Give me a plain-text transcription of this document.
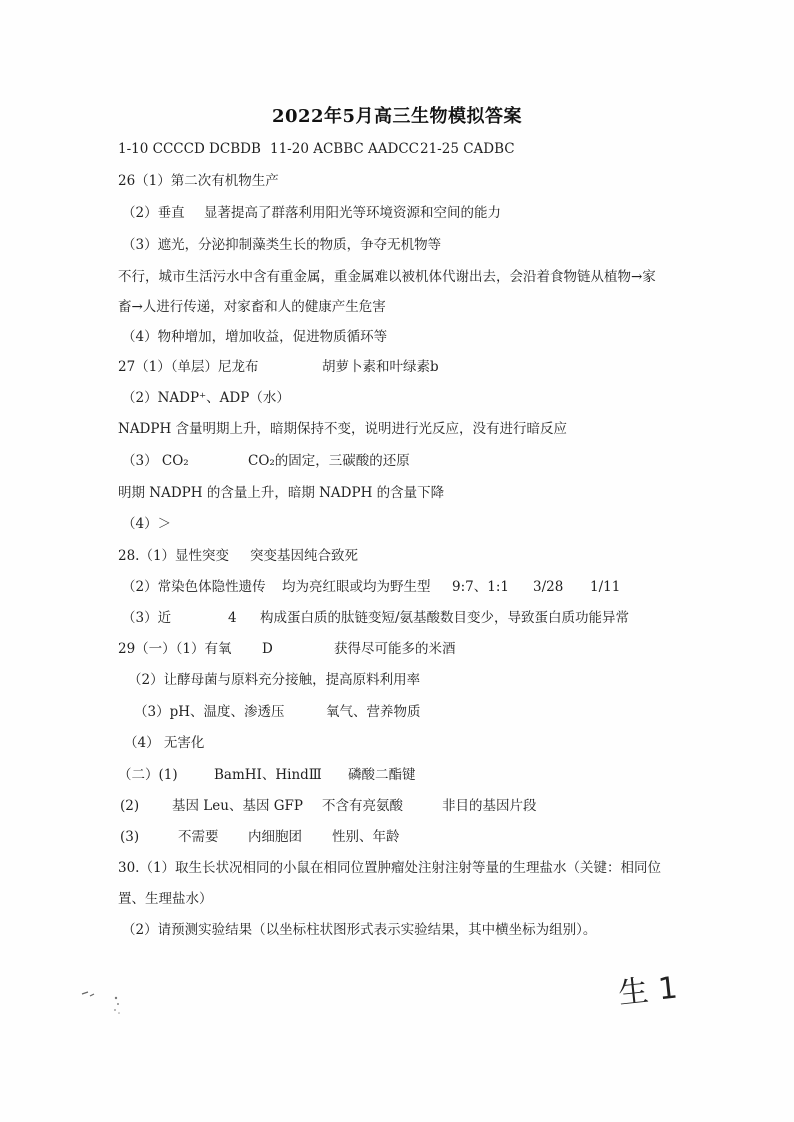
2022年5月高三生物模拟答案
1-10 CCCCD DCBDB 11-20 ACBBC AADCC 21-25 CADBC
26（1）第二次有机物生产
（2）垂直 显著提高了群落利用阳光等环境资源和空间的能力
（3）遮光，分泌抑制藻类生长的物质，争夺无机物等
不行，城市生活污水中含有重金属，重金属难以被机体代谢出去，会沿着食物链从植物→家
畜→人进行传递，对家畜和人的健康产生危害
（4）物种增加，增加收益，促进物质循环等
27（1）（单层）尼龙布	胡萝卜素和叶绿素b
（2）NADP⁺、ADP（水）
NADPH 含量明期上升，暗期保持不变，说明进行光反应，没有进行暗反应
（3） CO₂	CO₂的固定，三碳酸的还原
明期 NADPH 的含量上升，暗期 NADPH 的含量下降
（4）＞
28.（1）显性突变 突变基因纯合致死
（2）常染色体隐性遗传 均为亮红眼或均为野生型 9:7、1:1 3/28 1/11
（3）近	4 构成蛋白质的肽链变短/氨基酸数目变少，导致蛋白质功能异常
29（一）（1）有氧 D	获得尽可能多的米酒
（2）让酵母菌与原料充分接触，提高原料利用率
（3）pH、温度、渗透压	氧气、营养物质
（4） 无害化
（二）(1)	BamHⅠ、HindⅢ 磷酸二酯键
(2) 基因 Leu、基因 GFP 不含有亮氨酸	非目的基因片段
(3)	不需要 内细胞团 性别、年龄
30.（1）取生长状况相同的小鼠在相同位置肿瘤处注射注射等量的生理盐水（关键：相同位
置、生理盐水）
（2）请预测实验结果（以坐标柱状图形式表示实验结果，其中横坐标为组别）。
生1
